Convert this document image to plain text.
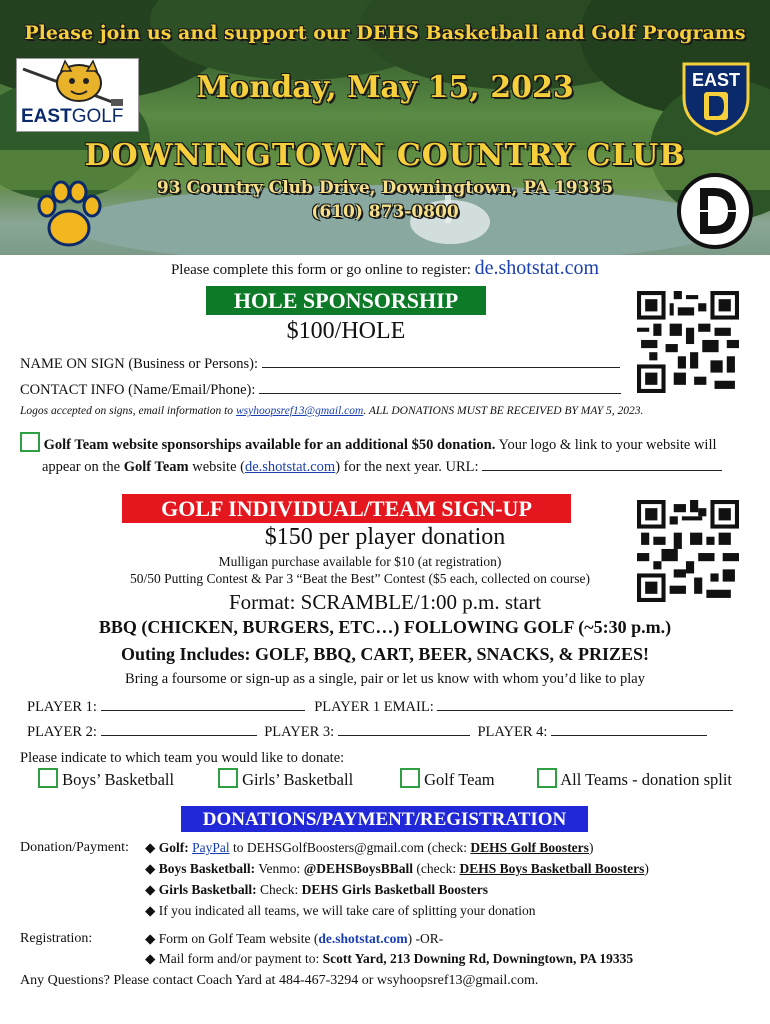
Please join us and support our DEHS Basketball and Golf Programs
Monday, May 15, 2023
DOWNINGTOWN COUNTRY CLUB
93 Country Club Drive, Downingtown, PA 19335
(610) 873-0800
EASTGOLF
EAST
Please complete this form or go online to register: de.shotstat.com
HOLE SPONSORSHIP
$100/HOLE
NAME ON SIGN (Business or Persons):
CONTACT INFO (Name/Email/Phone):
Logos accepted on signs, email information to wsyhoopsref13@gmail.com. ALL DONATIONS MUST BE RECEIVED BY MAY 5, 2023.
Golf Team website sponsorships available for an additional $50 donation. Your logo & link to your website will
appear on the Golf Team website (de.shotstat.com) for the next year. URL:
GOLF INDIVIDUAL/TEAM SIGN-UP
$150 per player donation
Mulligan purchase available for $10 (at registration)
50/50 Putting Contest & Par 3 “Beat the Best” Contest ($5 each, collected on course)
Format: SCRAMBLE/1:00 p.m. start
BBQ (CHICKEN, BURGERS, ETC…) FOLLOWING GOLF (~5:30 p.m.)
Outing Includes: GOLF, BBQ, CART, BEER, SNACKS, & PRIZES!
Bring a foursome or sign-up as a single, pair or let us know with whom you’d like to play
PLAYER 1:	PLAYER 1 EMAIL:
PLAYER 2:	PLAYER 3:	PLAYER 4:
Please indicate to which team you would like to donate:
Boys’ Basketball	Girls’ Basketball	Golf Team	All Teams - donation split
DONATIONS/PAYMENT/REGISTRATION
Donation/Payment: ◆ Golf: PayPal to DEHSGolfBoosters@gmail.com (check: DEHS Golf Boosters)
◆ Boys Basketball: Venmo: @DEHSBoysBBall (check: DEHS Boys Basketball Boosters)
◆ Girls Basketball: Check: DEHS Girls Basketball Boosters
◆ If you indicated all teams, we will take care of splitting your donation
Registration:	◆ Form on Golf Team website (de.shotstat.com) -OR-
◆ Mail form and/or payment to: Scott Yard, 213 Downing Rd, Downingtown, PA 19335
Any Questions? Please contact Coach Yard at 484-467-3294 or wsyhoopsref13@gmail.com.
